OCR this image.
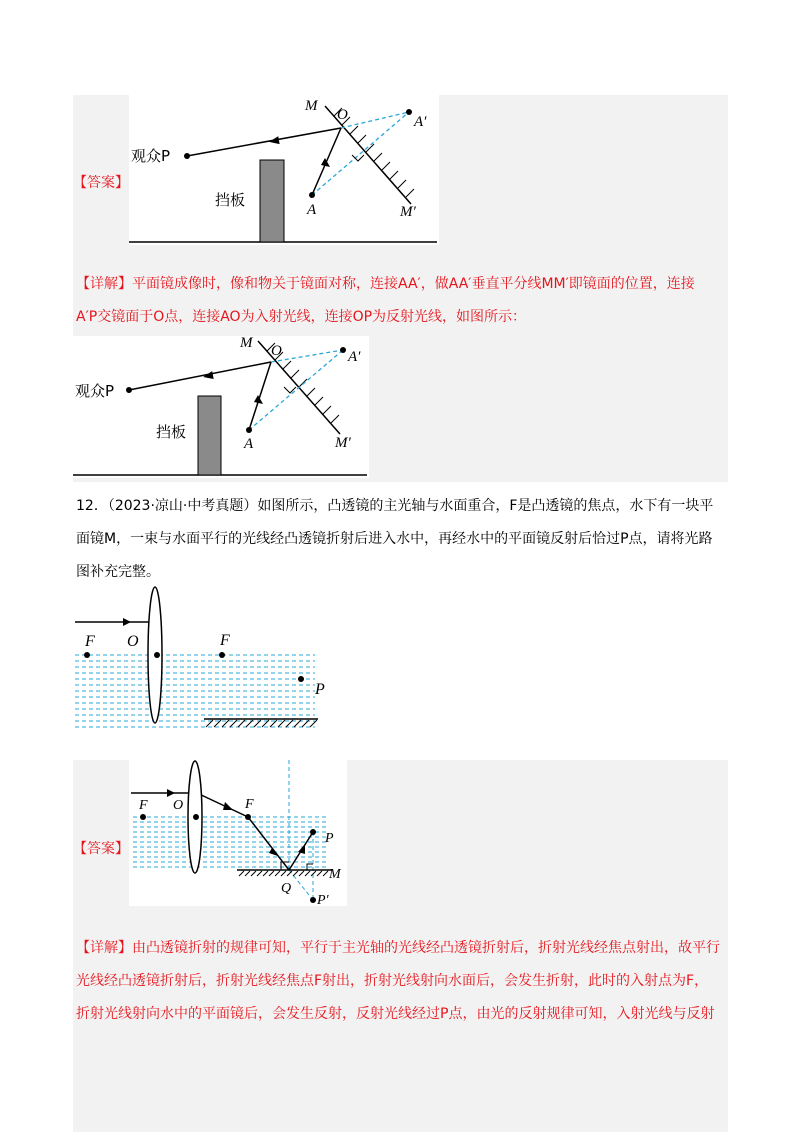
【答案】
M
O	A′
A	M′
观众P
挡板
【详解】平面镜成像时，像和物关于镜面对称，连接AA′，做AA′垂直平分线MM′即镜面的位置，连接
A′P交镜面于O点，连接AO为入射光线，连接OP为反射光线，如图所示：
M O	A′
A	M′
观众P
挡板
12．（2023·凉山·中考真题）如图所示，凸透镜的主光轴与水面重合，F是凸透镜的焦点，水下有一块平
面镜M，一束与水面平行的光线经凸透镜折射后进入水中，再经水中的平面镜反射后恰过P点，请将光路
图补充完整。
F O	F
P
【答案】
F O	F
P
M
Q
P′
【详解】由凸透镜折射的规律可知，平行于主光轴的光线经凸透镜折射后，折射光线经焦点射出，故平行
光线经凸透镜折射后，折射光线经焦点F射出，折射光线射向水面后，会发生折射，此时的入射点为F，
折射光线射向水中的平面镜后，会发生反射，反射光线经过P点，由光的反射规律可知，入射光线与反射
